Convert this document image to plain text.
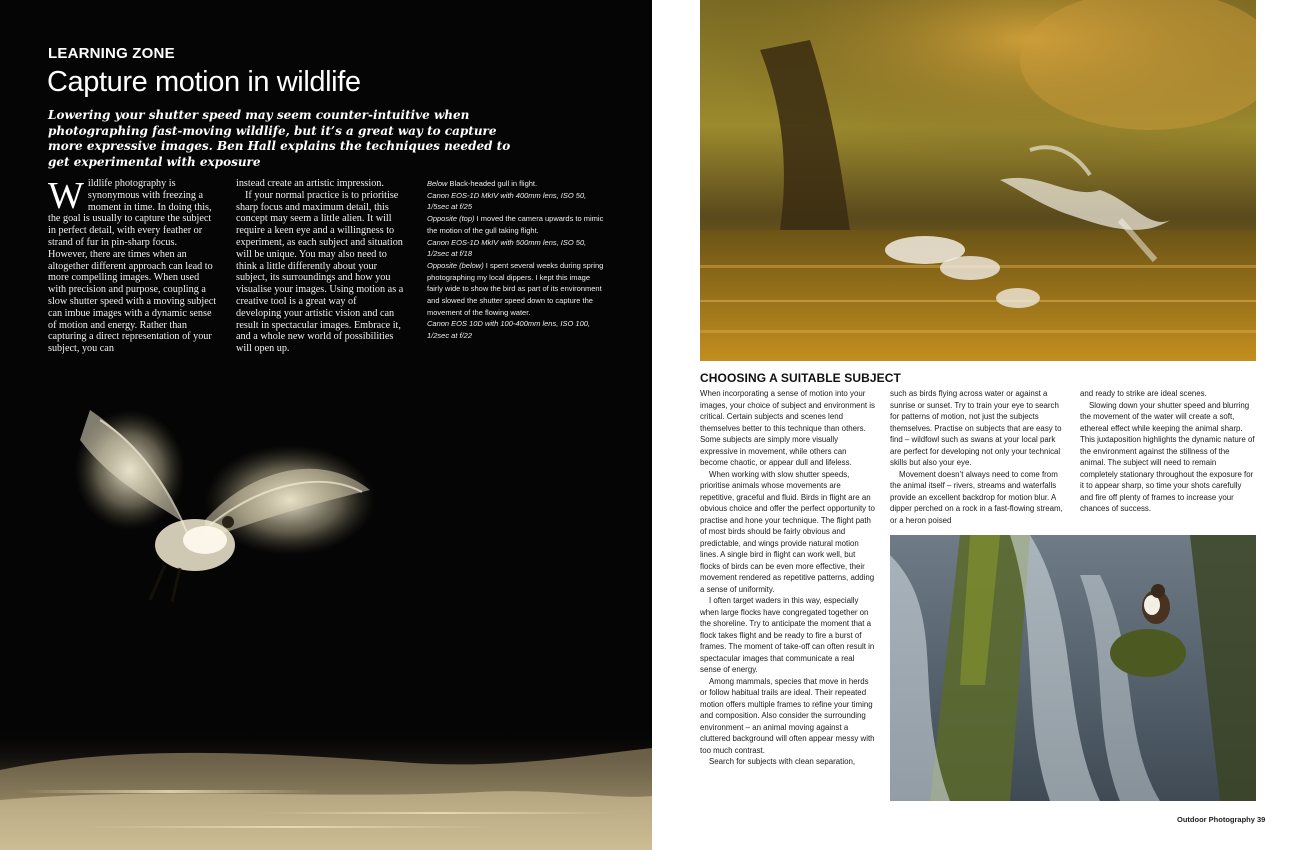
LEARNING ZONE
Capture motion in wildlife
Lowering your shutter speed may seem counter-intuitive when photographing fast-moving wildlife, but it’s a great way to capture more expressive images. Ben Hall explains the techniques needed to get experimental with exposure

Wildlife photography is synonymous with freezing a moment in time. In doing this, the goal is usually to capture the subject in perfect detail, with every feather or strand of fur in pin-sharp focus. However, there are times when an altogether different approach can lead to more compelling images. When used with precision and purpose, coupling a slow shutter speed with a moving subject can imbue images with a dynamic sense of motion and energy. Rather than capturing a direct representation of your subject, you can

instead create an artistic impression.

If your normal practice is to prioritise sharp focus and maximum detail, this concept may seem a little alien. It will require a keen eye and a willingness to experiment, as each subject and situation will be unique. You may also need to think a little differently about your subject, its surroundings and how you visualise your images. Using motion as a creative tool is a great way of developing your artistic vision and can result in spectacular images. Embrace it, and a whole new world of possibilities will open up.

Below Black-headed gull in flight.

Canon EOS-1D MkIV with 400mm lens, ISO 50, 1/5sec at f/25

Opposite (top) I moved the camera upwards to mimic the motion of the gull taking flight.

Canon EOS-1D MkIV with 500mm lens, ISO 50, 1/2sec at f/18

Opposite (below) I spent several weeks during spring photographing my local dippers. I kept this image fairly wide to show the bird as part of its environment and slowed the shutter speed down to capture the movement of the flowing water.

Canon EOS 10D with 100-400mm lens, ISO 100, 1/2sec at f/22

CHOOSING A SUITABLE SUBJECT

When incorporating a sense of motion into your images, your choice of subject and environment is critical. Certain subjects and scenes lend themselves better to this technique than others. Some subjects are simply more visually expressive in movement, while others can become chaotic, or appear dull and lifeless.

When working with slow shutter speeds, prioritise animals whose movements are repetitive, graceful and fluid. Birds in flight are an obvious choice and offer the perfect opportunity to practise and hone your technique. The flight path of most birds should be fairly obvious and predictable, and wings provide natural motion lines. A single bird in flight can work well, but flocks of birds can be even more effective, their movement rendered as repetitive patterns, adding a sense of uniformity.

I often target waders in this way, especially when large flocks have congregated together on the shoreline. Try to anticipate the moment that a flock takes flight and be ready to fire a burst of frames. The moment of take-off can often result in spectacular images that communicate a real sense of energy.

Among mammals, species that move in herds or follow habitual trails are ideal. Their repeated motion offers multiple frames to refine your timing and composition. Also consider the surrounding environment – an animal moving against a cluttered background will often appear messy with too much contrast.

Search for subjects with clean separation,

such as birds flying across water or against a sunrise or sunset. Try to train your eye to search for patterns of motion, not just the subjects themselves. Practise on subjects that are easy to find – wildfowl such as swans at your local park are perfect for developing not only your technical skills but also your eye.

Movement doesn’t always need to come from the animal itself – rivers, streams and waterfalls provide an excellent backdrop for motion blur. A dipper perched on a rock in a fast-flowing stream, or a heron poised

and ready to strike are ideal scenes.

Slowing down your shutter speed and blurring the movement of the water will create a soft, ethereal effect while keeping the animal sharp. This juxtaposition highlights the dynamic nature of the environment against the stillness of the animal. The subject will need to remain completely stationary throughout the exposure for it to appear sharp, so time your shots carefully and fire off plenty of frames to increase your chances of success.

Outdoor Photography 39
